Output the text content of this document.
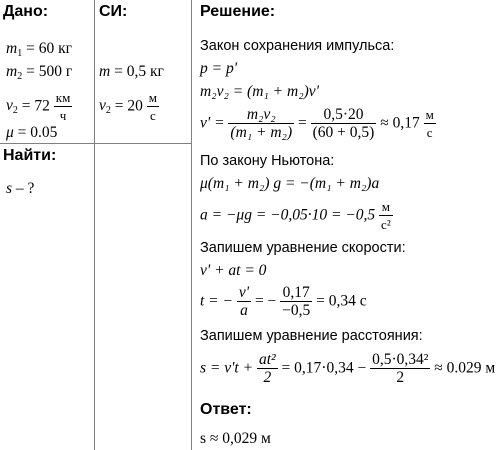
Дано:	СИ:	Решение:
Найти:
Ответ:
$m_1 = 60$ кг
$m_2 = 500$ г
$v_2 = 72 \frac{км}{ч}$
μ = 0.05
m = 0,5 кг
$v_2 = 20 \frac{м}{с}$
s – ?
Закон сохранения импульса:
p = p'
m₂v₂ = (m₁ + m₂)v'
$v' = \frac{\text{m₂v₂}}{\text{(m₁ + m₂)}} = \frac{0,5\cdot 20}{(60 + 0,5)} \approx 0,17 \frac{м}{с}$
По закону Ньютона:
μ(m₁ + m₂) g = −(m₁ + m₂)a
$a = -\mu g = -0,05\cdot 10 = -0,5 \frac{м}{\text{с²}}$
Запишем уравнение скорости:
v' + at = 0
t = − $\frac{v'}{a}$ = − $\frac{0,17}{-0,5} = 0,34$ с
Запишем уравнение расстояния:
$s = v't + \frac{\text{at²}}{2} = 0,17\cdot 0,34 - \frac{\text{0,5·0,34²}}{2} \approx 0.029$ м
s ≈ 0,029 м
